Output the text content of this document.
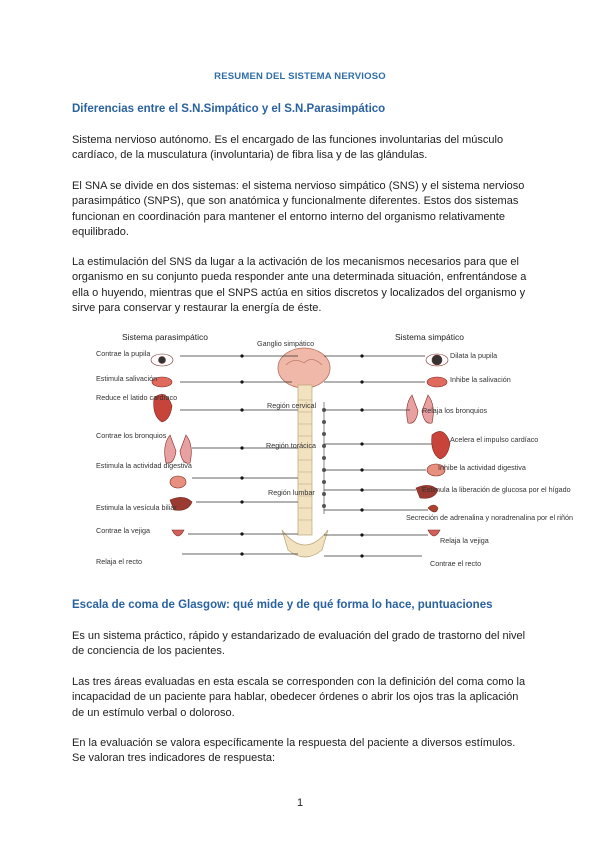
RESUMEN DEL SISTEMA NERVIOSO
Diferencias entre el S.N.Simpático y el S.N.Parasimpático

Sistema nervioso autónomo. Es el encargado de las funciones involuntarias del músculo cardíaco, de la musculatura (involuntaria) de fibra lisa y de las glándulas.

El SNA se divide en dos sistemas: el sistema nervioso simpático (SNS) y el sistema nervioso parasimpático (SNPS), que son anatómica y funcionalmente diferentes. Estos dos sistemas funcionan en coordinación para mantener el entorno interno del organismo relativamente equilibrado.

La estimulación del SNS da lugar a la activación de los mecanismos necesarios para que el organismo en su conjunto pueda responder ante una determinada situación, enfrentándose a ella o huyendo, mientras que el SNPS actúa en sitios discretos y localizados del organismo y sirve para conservar y restaurar la energía de éste.

Sistema parasimpático	Sistema simpático
Ganglio simpático
Región cervical
Región torácica
Región lumbar
Contrae la pupila
Estimula salivación
Reduce el latido cardíaco
Contrae los bronquios
Estimula la actividad digestiva
Estimula la vesícula biliar
Contrae la vejiga
Relaja el recto
Dilata la pupila
Inhibe la salivación
Relaja los bronquios
Acelera el impulso cardíaco
Inhibe la actividad digestiva
Estimula la liberación de glucosa por el hígado
Secreción de adrenalina y noradrenalina por el riñón
Relaja la vejiga
Contrae el recto
Escala de coma de Glasgow: qué mide y de qué forma lo hace, puntuaciones

Es un sistema práctico, rápido y estandarizado de evaluación del grado de trastorno del nivel de conciencia de los pacientes.

Las tres áreas evaluadas en esta escala se corresponden con la definición del coma como la incapacidad de un paciente para hablar, obedecer órdenes o abrir los ojos tras la aplicación de un estímulo verbal o doloroso.

En la evaluación se valora específicamente la respuesta del paciente a diversos estímulos. Se valoran tres indicadores de respuesta:

1
